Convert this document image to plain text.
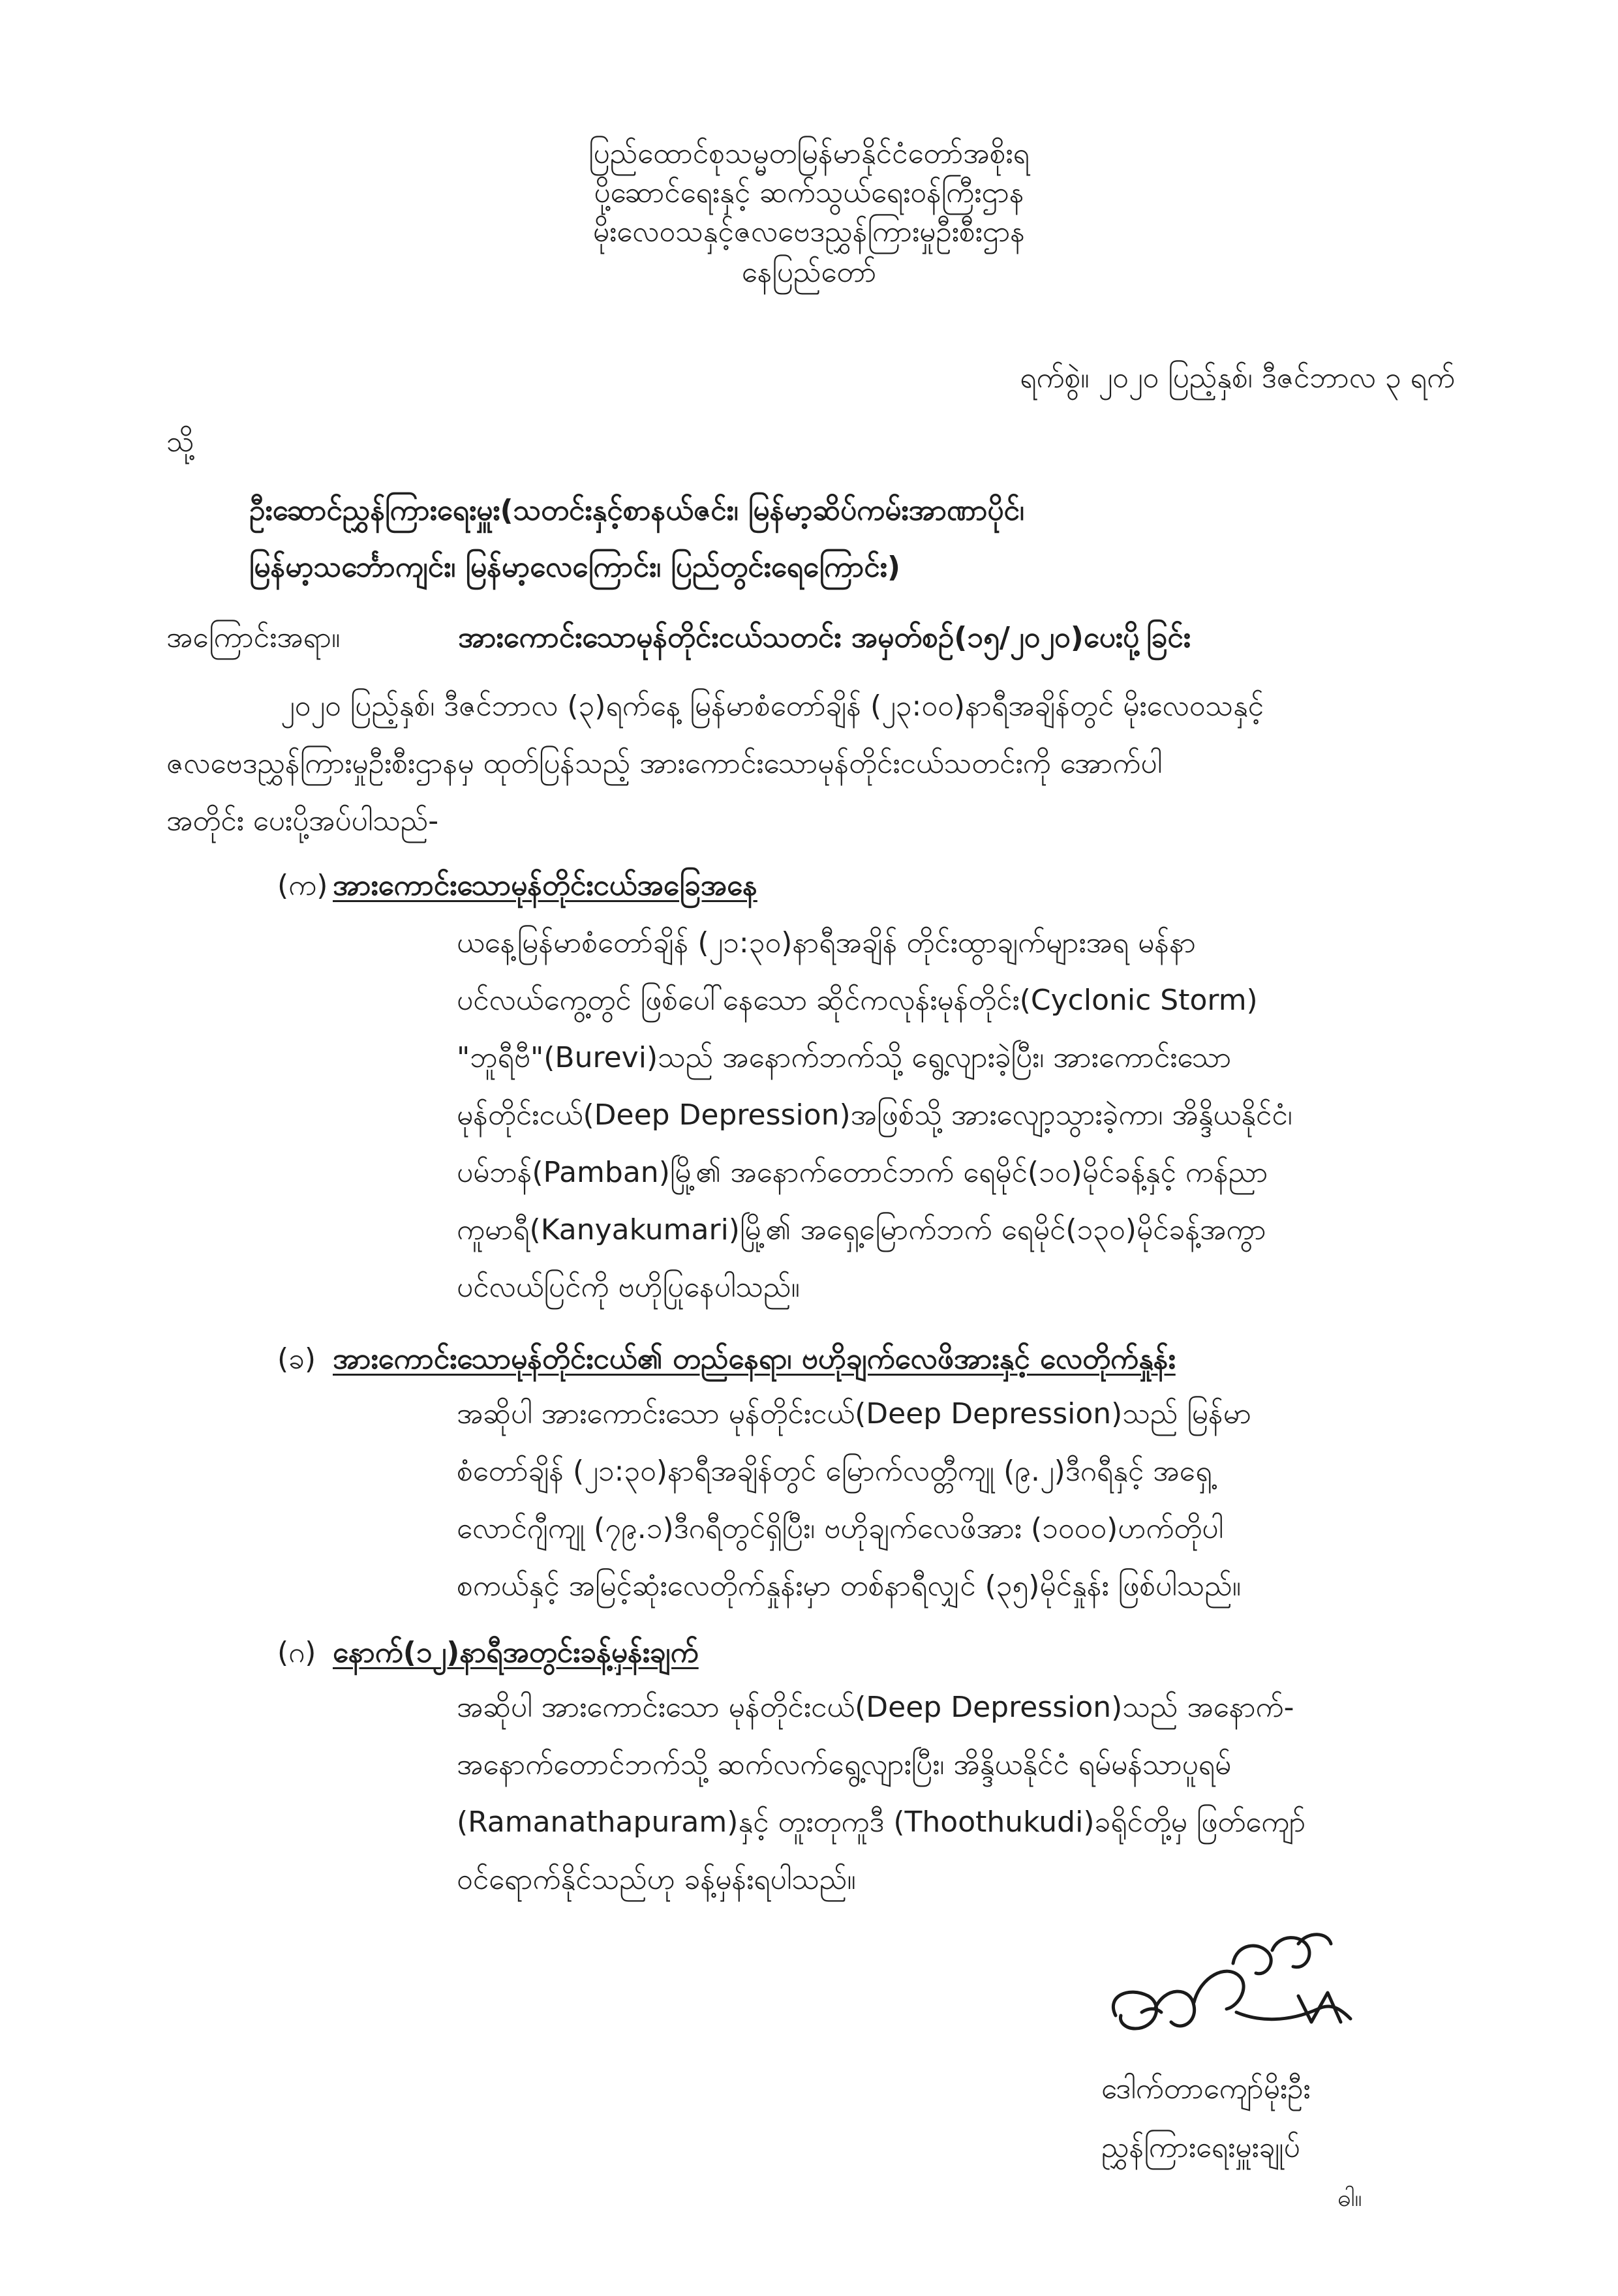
ပြည်ထောင်စုသမ္မတမြန်မာနိုင်ငံတော်အစိုးရ
ပို့ဆောင်ရေးနှင့် ဆက်သွယ်ရေးဝန်ကြီးဌာန
မိုးလေဝသနှင့်ဇလဗေဒညွှန်ကြားမှုဦးစီးဌာန
နေပြည်တော်
ရက်စွဲ။ ၂၀၂၀ ပြည့်နှစ်၊ ဒီဇင်ဘာလ ၃ ရက်
သို့
ဦးဆောင်ညွှန်ကြားရေးမှူး(သတင်းနှင့်စာနယ်ဇင်း၊ မြန်မာ့ဆိပ်ကမ်းအာဏာပိုင်၊
မြန်မာ့သင်္ဘောကျင်း၊ မြန်မာ့လေကြောင်း၊ ပြည်တွင်းရေကြောင်း)
အကြောင်းအရာ။	အားကောင်းသောမုန်တိုင်းငယ်သတင်း အမှတ်စဉ်(၁၅/၂၀၂၀)ပေးပို့ခြင်း
၂၀၂၀ ပြည့်နှစ်၊ ဒီဇင်ဘာလ (၃)ရက်နေ့ မြန်မာစံတော်ချိန် (၂၃:၀၀)နာရီအချိန်တွင် မိုးလေဝသနှင့်
ဇလဗေဒညွှန်ကြားမှုဦးစီးဌာနမှ ထုတ်ပြန်သည့် အားကောင်းသောမုန်တိုင်းငယ်သတင်းကို အောက်ပါ
အတိုင်း ပေးပို့အပ်ပါသည်-
(က) အားကောင်းသောမုန်တိုင်းငယ်အခြေအနေ
ယနေ့မြန်မာစံတော်ချိန် (၂၁:၃၀)နာရီအချိန် တိုင်းထွာချက်များအရ မန်နာ
ပင်လယ်ကွေ့တွင် ဖြစ်ပေါ်နေသော ဆိုင်ကလုန်းမုန်တိုင်း(Cyclonic Storm)
"ဘူရီဗီ"(Burevi)သည် အနောက်ဘက်သို့ ရွေ့လျားခဲ့ပြီး၊ အားကောင်းသော
မုန်တိုင်းငယ်(Deep Depression)အဖြစ်သို့ အားလျော့သွားခဲ့ကာ၊ အိန္ဒိယနိုင်ငံ၊
ပမ်ဘန်(Pamban)မြို့၏ အနောက်တောင်ဘက် ရေမိုင်(၁၀)မိုင်ခန့်နှင့် ကန်ညာ
ကူမာရီ(Kanyakumari)မြို့၏ အရှေ့မြောက်ဘက် ရေမိုင်(၁၃၀)မိုင်ခန့်အကွာ
ပင်လယ်ပြင်ကို ဗဟိုပြုနေပါသည်။
(ခ) အားကောင်းသောမုန်တိုင်းငယ်၏ တည်နေရာ၊ ဗဟိုချက်လေဖိအားနှင့် လေတိုက်နှုန်း
အဆိုပါ အားကောင်းသော မုန်တိုင်းငယ်(Deep Depression)သည် မြန်မာ
စံတော်ချိန် (၂၁:၃၀)နာရီအချိန်တွင် မြောက်လတ္တီကျု (၉.၂)ဒီဂရီနှင့် အရှေ့
လောင်ဂျီကျု (၇၉.၁)ဒီဂရီတွင်ရှိပြီး၊ ဗဟိုချက်လေဖိအား (၁၀၀၀)ဟက်တိုပါ
စကယ်နှင့် အမြင့်ဆုံးလေတိုက်နှုန်းမှာ တစ်နာရီလျှင် (၃၅)မိုင်နှုန်း ဖြစ်ပါသည်။
(ဂ) နောက်(၁၂)နာရီအတွင်းခန့်မှန်းချက်
အဆိုပါ အားကောင်းသော မုန်တိုင်းငယ်(Deep Depression)သည် အနောက်-
အနောက်တောင်ဘက်သို့ ဆက်လက်ရွေ့လျားပြီး၊ အိန္ဒိယနိုင်ငံ ရမ်မန်သာပူရမ်
(Ramanathapuram)နှင့် တူးတုကူဒီ (Thoothukudi)ခရိုင်တို့မှ ဖြတ်ကျော်
ဝင်ရောက်နိုင်သည်ဟု ခန့်မှန်းရပါသည်။
ဒေါက်တာကျော်မိုးဦး
ညွှန်ကြားရေးမှူးချုပ်
ဓါ။
